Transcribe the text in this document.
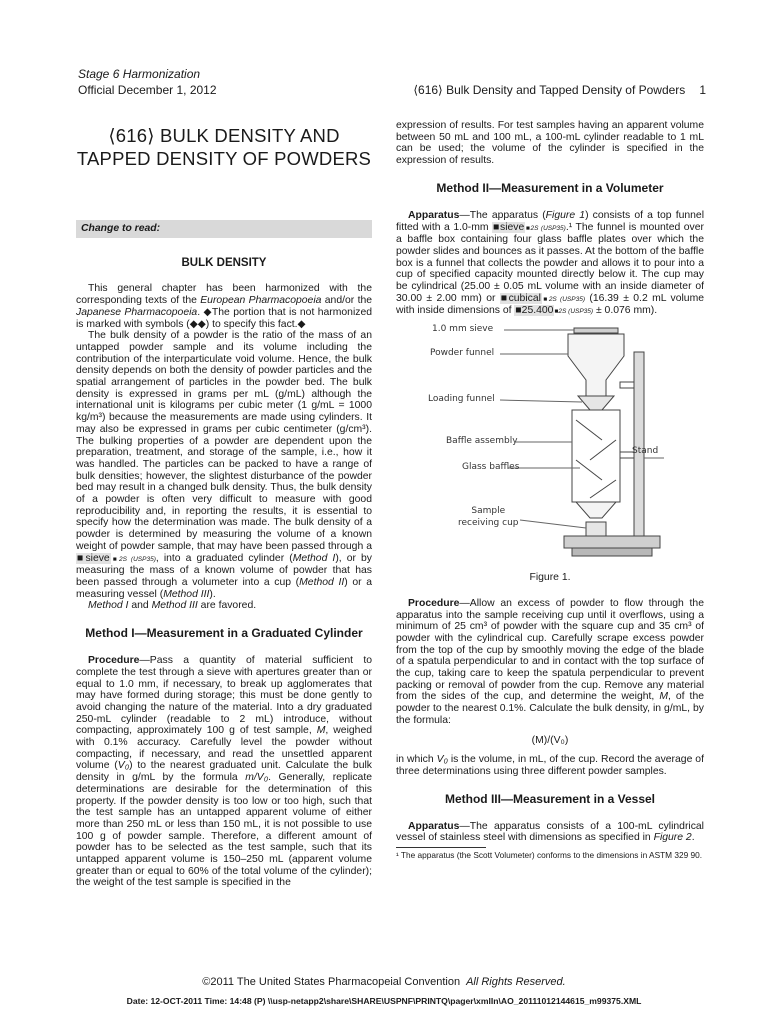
Stage 6 Harmonization
Official December 1, 2012	⟨616⟩ Bulk Density and Tapped Density of Powders 1
⟨616⟩ BULK DENSITY AND TAPPED DENSITY OF POWDERS
Change to read:
BULK DENSITY

This general chapter has been harmonized with the corresponding texts of the European Pharmacopoeia and/or the Japanese Pharmacopoeia. ◆The portion that is not harmonized is marked with symbols (◆◆) to specify this fact.◆

The bulk density of a powder is the ratio of the mass of an untapped powder sample and its volume including the contribution of the interparticulate void volume. Hence, the bulk density depends on both the density of powder particles and the spatial arrangement of particles in the powder bed. The bulk density is expressed in grams per mL (g/mL) although the international unit is kilograms per cubic meter (1 g/mL = 1000 kg/m³) because the measurements are made using cylinders. It may also be expressed in grams per cubic centimeter (g/cm³). The bulking properties of a powder are dependent upon the preparation, treatment, and storage of the sample, i.e., how it was handled. The particles can be packed to have a range of bulk densities; however, the slightest disturbance of the powder bed may result in a changed bulk density. Thus, the bulk density of a powder is often very difficult to measure with good reproducibility and, in reporting the results, it is essential to specify how the determination was made. The bulk density of a powder is determined by measuring the volume of a known weight of powder sample, that may have been passed through a ■sieve■2S (USP35), into a graduated cylinder (Method I), or by measuring the mass of a known volume of powder that has been passed through a volumeter into a cup (Method II) or a measuring vessel (Method III).

Method I and Method III are favored.

Method I—Measurement in a Graduated Cylinder

Procedure—Pass a quantity of material sufficient to complete the test through a sieve with apertures greater than or equal to 1.0 mm, if necessary, to break up agglomerates that may have formed during storage; this must be done gently to avoid changing the nature of the material. Into a dry graduated 250-mL cylinder (readable to 2 mL) introduce, without compacting, approximately 100 g of test sample, M, weighed with 0.1% accuracy. Carefully level the powder without compacting, if necessary, and read the unsettled apparent volume (V₀) to the nearest graduated unit. Calculate the bulk density in g/mL by the formula m/V₀. Generally, replicate determinations are desirable for the determination of this property. If the powder density is too low or too high, such that the test sample has an untapped apparent volume of either more than 250 mL or less than 150 mL, it is not possible to use 100 g of powder sample. Therefore, a different amount of powder has to be selected as the test sample, such that its untapped apparent volume is 150–250 mL (apparent volume greater than or equal to 60% of the total volume of the cylinder); the weight of the test sample is specified in the

expression of results. For test samples having an apparent volume between 50 mL and 100 mL, a 100-mL cylinder readable to 1 mL can be used; the volume of the cylinder is specified in the expression of results.

Method II—Measurement in a Volumeter

Apparatus—The apparatus (Figure 1) consists of a top funnel fitted with a 1.0-mm ■sieve■2S (USP35).¹ The funnel is mounted over a baffle box containing four glass baffle plates over which the powder slides and bounces as it passes. At the bottom of the baffle box is a funnel that collects the powder and allows it to pour into a cup of specified capacity mounted directly below it. The cup may be cylindrical (25.00 ± 0.05 mL volume with an inside diameter of 30.00 ± 2.00 mm) or ■cubical■2S (USP35) (16.39 ± 0.2 mL volume with inside dimensions of ■25.400■2S (USP35) ± 0.076 mm).

1.0 mm sieve
Powder funnel
Loading funnel
Baffle assembly
Stand
Glass baffles
Sample
receiving cup

Figure 1.

Procedure—Allow an excess of powder to flow through the apparatus into the sample receiving cup until it overflows, using a minimum of 25 cm³ of powder with the square cup and 35 cm³ of powder with the cylindrical cup. Carefully scrape excess powder from the top of the cup by smoothly moving the edge of the blade of a spatula perpendicular to and in contact with the top surface of the cup, taking care to keep the spatula perpendicular to prevent packing or removal of powder from the cup. Remove any material from the sides of the cup, and determine the weight, M, of the powder to the nearest 0.1%. Calculate the bulk density, in g/mL, by the formula:

(M)/(V₀)

in which V₀ is the volume, in mL, of the cup. Record the average of three determinations using three different powder samples.

Method III—Measurement in a Vessel

Apparatus—The apparatus consists of a 100-mL cylindrical vessel of stainless steel with dimensions as specified in Figure 2.

¹ The apparatus (the Scott Volumeter) conforms to the dimensions in ASTM 329 90.

©2011 The United States Pharmacopeial Convention All Rights Reserved.
Date: 12-OCT-2011 Time: 14:48 (P) \\usp-netapp2\share\SHARE\USPNF\PRINTQ\pager\xmlIn\AO_20111012144615_m99375.XML
